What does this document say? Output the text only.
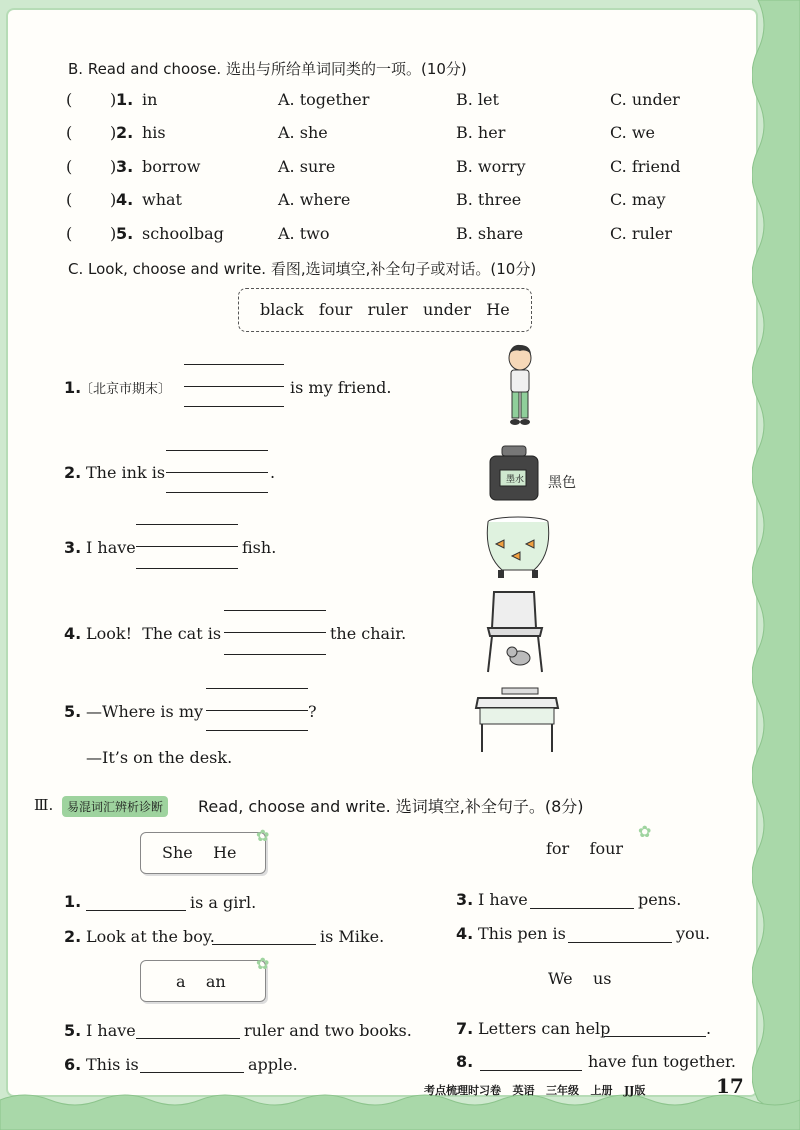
B. Read and choose. 选出与所给单词同类的一项。(10分)
( ) 1. in	A. together	B. let	C. under
( ) 2. his	A. she	B. her	C. we
( ) 3. borrow	A. sure	B. worry	C. friend
( ) 4. what	A. where	B. three	C. may
( ) 5. schoolbag	A. two	B. share	C. ruler
C. Look, choose and write. 看图,选词填空,补全句子或对话。(10分)
black   four   ruler   under   He
1.
〔北京市期末〕	is my friend.
2. The ink is	.	墨水 黑色
3. I have	fish.
4. Look!  The cat is	the chair.
5. —Where is my	?
—It’s on the desk.
Ⅲ.	易混词汇辨析诊断	Read, choose and write. 选词填空,补全句子。(8分)
✿
She    He
✿
for    four
1.	is a girl.	3. I have	pens.
2. Look at the boy.	is Mike.	4. This pen is	you.
✿
a    an	We    us
5. I have	ruler and two books.	7. Letters can help	.
6. This is	apple.	8.	have fun together.
考点梳理时习卷   英语   三年级   上册   JJ版	17
